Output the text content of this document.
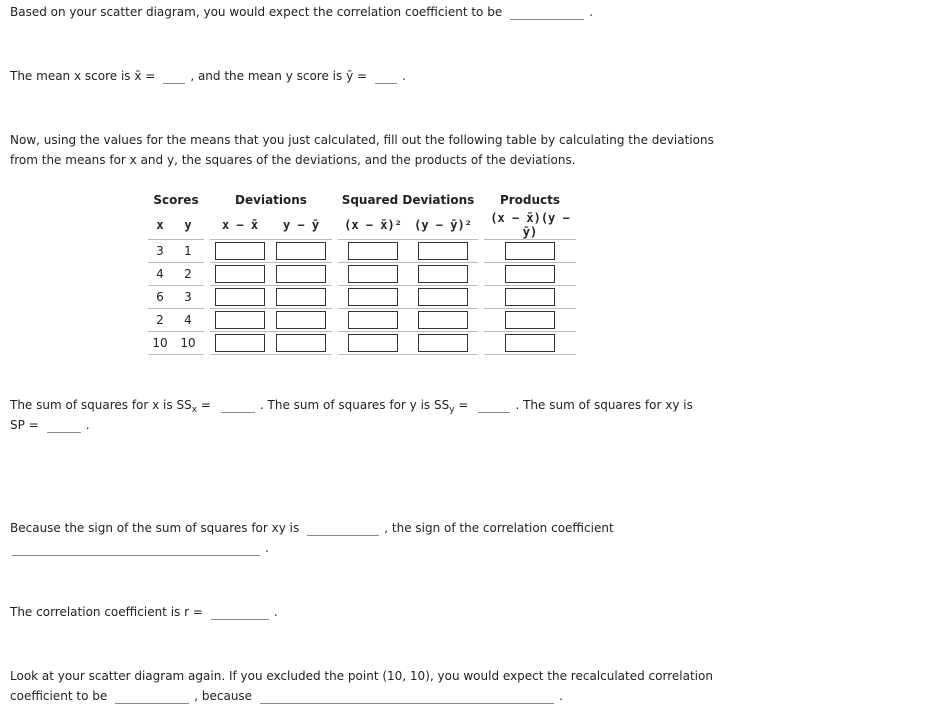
Based on your scatter diagram, you would expect the correlation coefficient to be	.
The mean x score is x̄ =	, and the mean y score is ȳ =	.
Now, using the values for the means that you just calculated, fill out the following table by calculating the deviations
from the means for x and y, the squares of the deviations, and the products of the deviations.
Scores			Deviations			Squared Deviations			Products
x	y		x − x̄	y − ȳ		(x − x̄)²	(y − ȳ)²		(x − x̄)(y − ȳ)
3	1								
4	2								
6	3								
2	4								
10	10								
The sum of squares for x is $SS_x$ =	. The sum of squares for y is $SS_y$ =	. The sum of squares for xy is
SP =	.
Because the sign of the sum of squares for xy is	, the sign of the correlation coefficient
.
The correlation coefficient is r =	.
Look at your scatter diagram again. If you excluded the point (10, 10), you would expect the recalculated correlation
coefficient to be	, because	.
